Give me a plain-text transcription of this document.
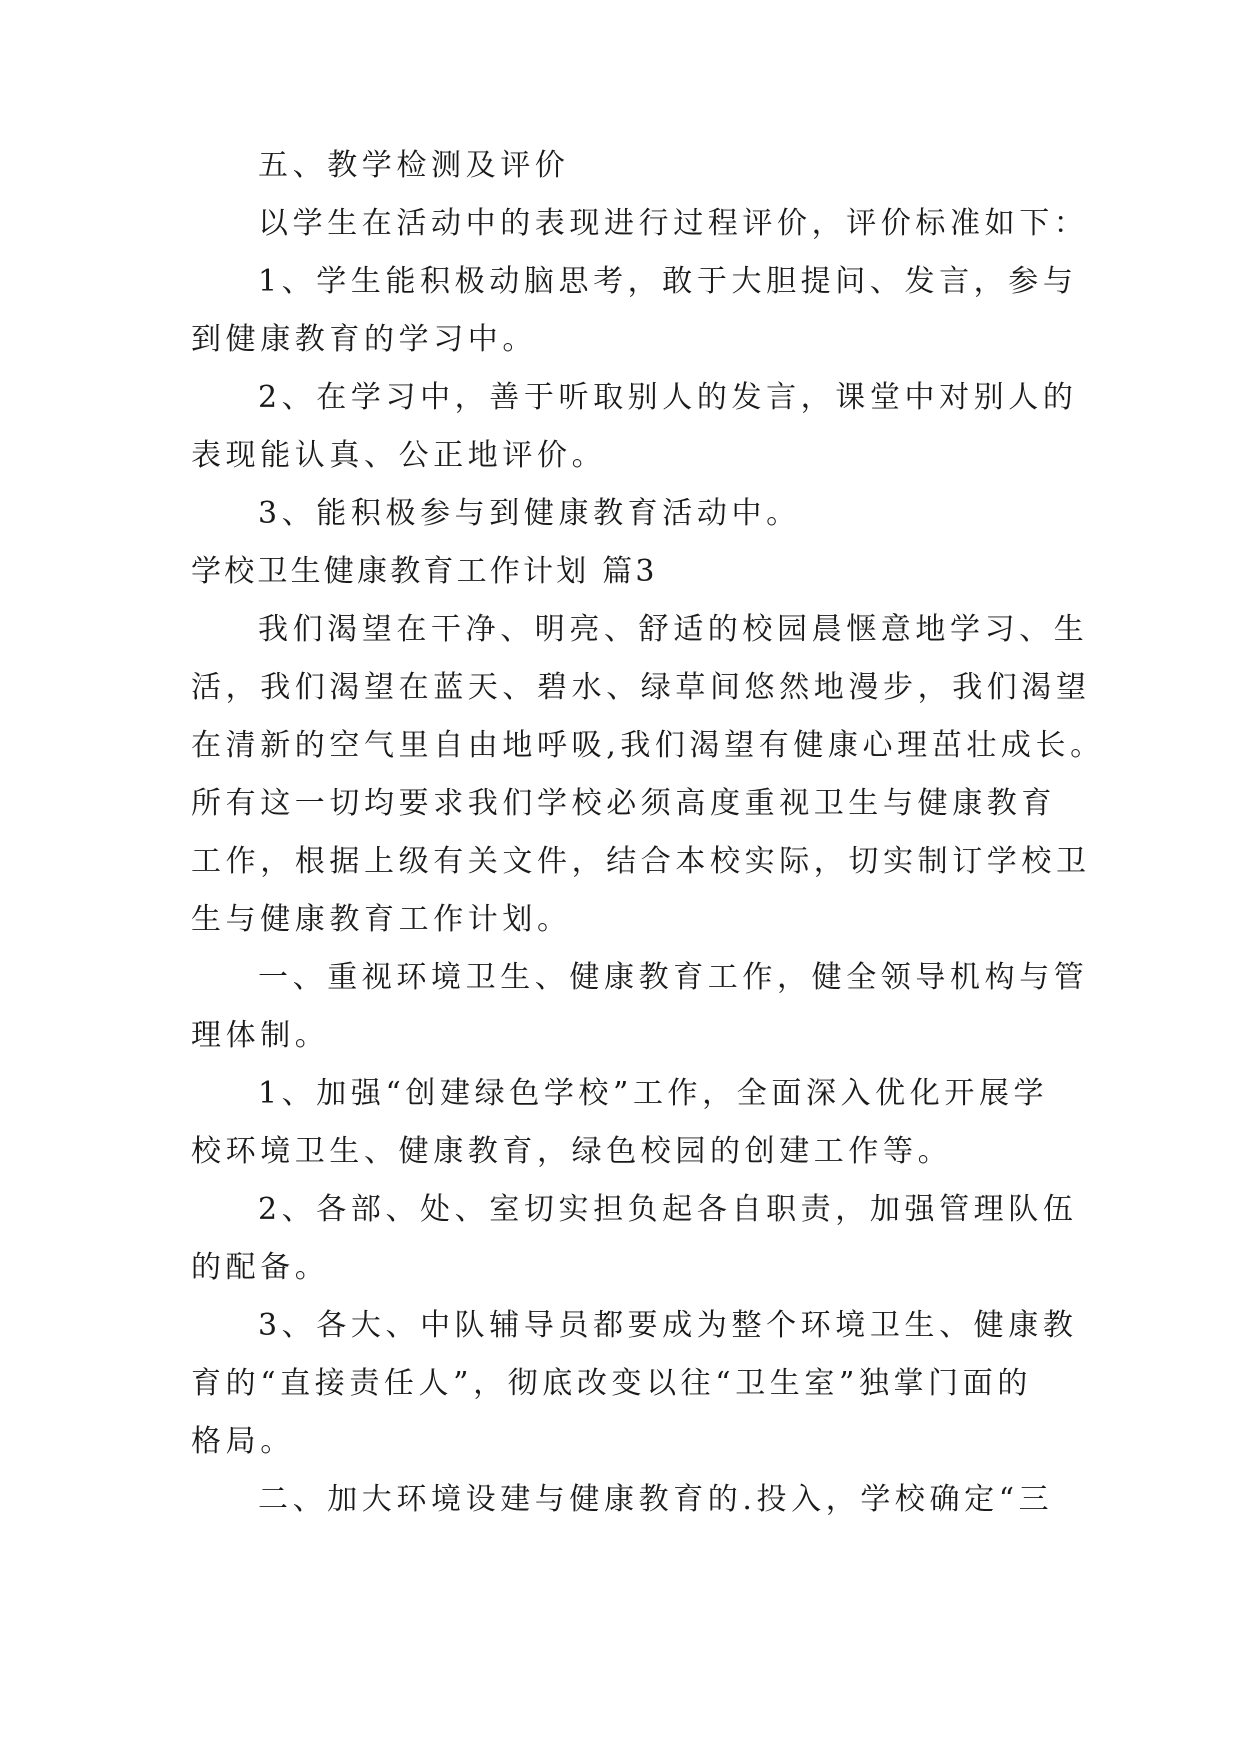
五、教学检测及评价
以学生在活动中的表现进行过程评价，评价标准如下：
1、学生能积极动脑思考，敢于大胆提问、发言，参与
到健康教育的学习中。
2、在学习中，善于听取别人的发言，课堂中对别人的
表现能认真、公正地评价。
3、能积极参与到健康教育活动中。
学校卫生健康教育工作计划 篇3
我们渴望在干净、明亮、舒适的校园晨惬意地学习、生
活，我们渴望在蓝天、碧水、绿草间悠然地漫步，我们渴望
在清新的空气里自由地呼吸,我们渴望有健康心理茁壮成长。
所有这一切均要求我们学校必须高度重视卫生与健康教育
工作，根据上级有关文件，结合本校实际，切实制订学校卫
生与健康教育工作计划。
一、重视环境卫生、健康教育工作，健全领导机构与管
理体制。
1、加强“创建绿色学校”工作，全面深入优化开展学
校环境卫生、健康教育，绿色校园的创建工作等。
2、各部、处、室切实担负起各自职责，加强管理队伍
的配备。
3、各大、中队辅导员都要成为整个环境卫生、健康教
育的“直接责任人”，彻底改变以往“卫生室”独掌门面的
格局。
二、加大环境设建与健康教育的.投入，学校确定“三
